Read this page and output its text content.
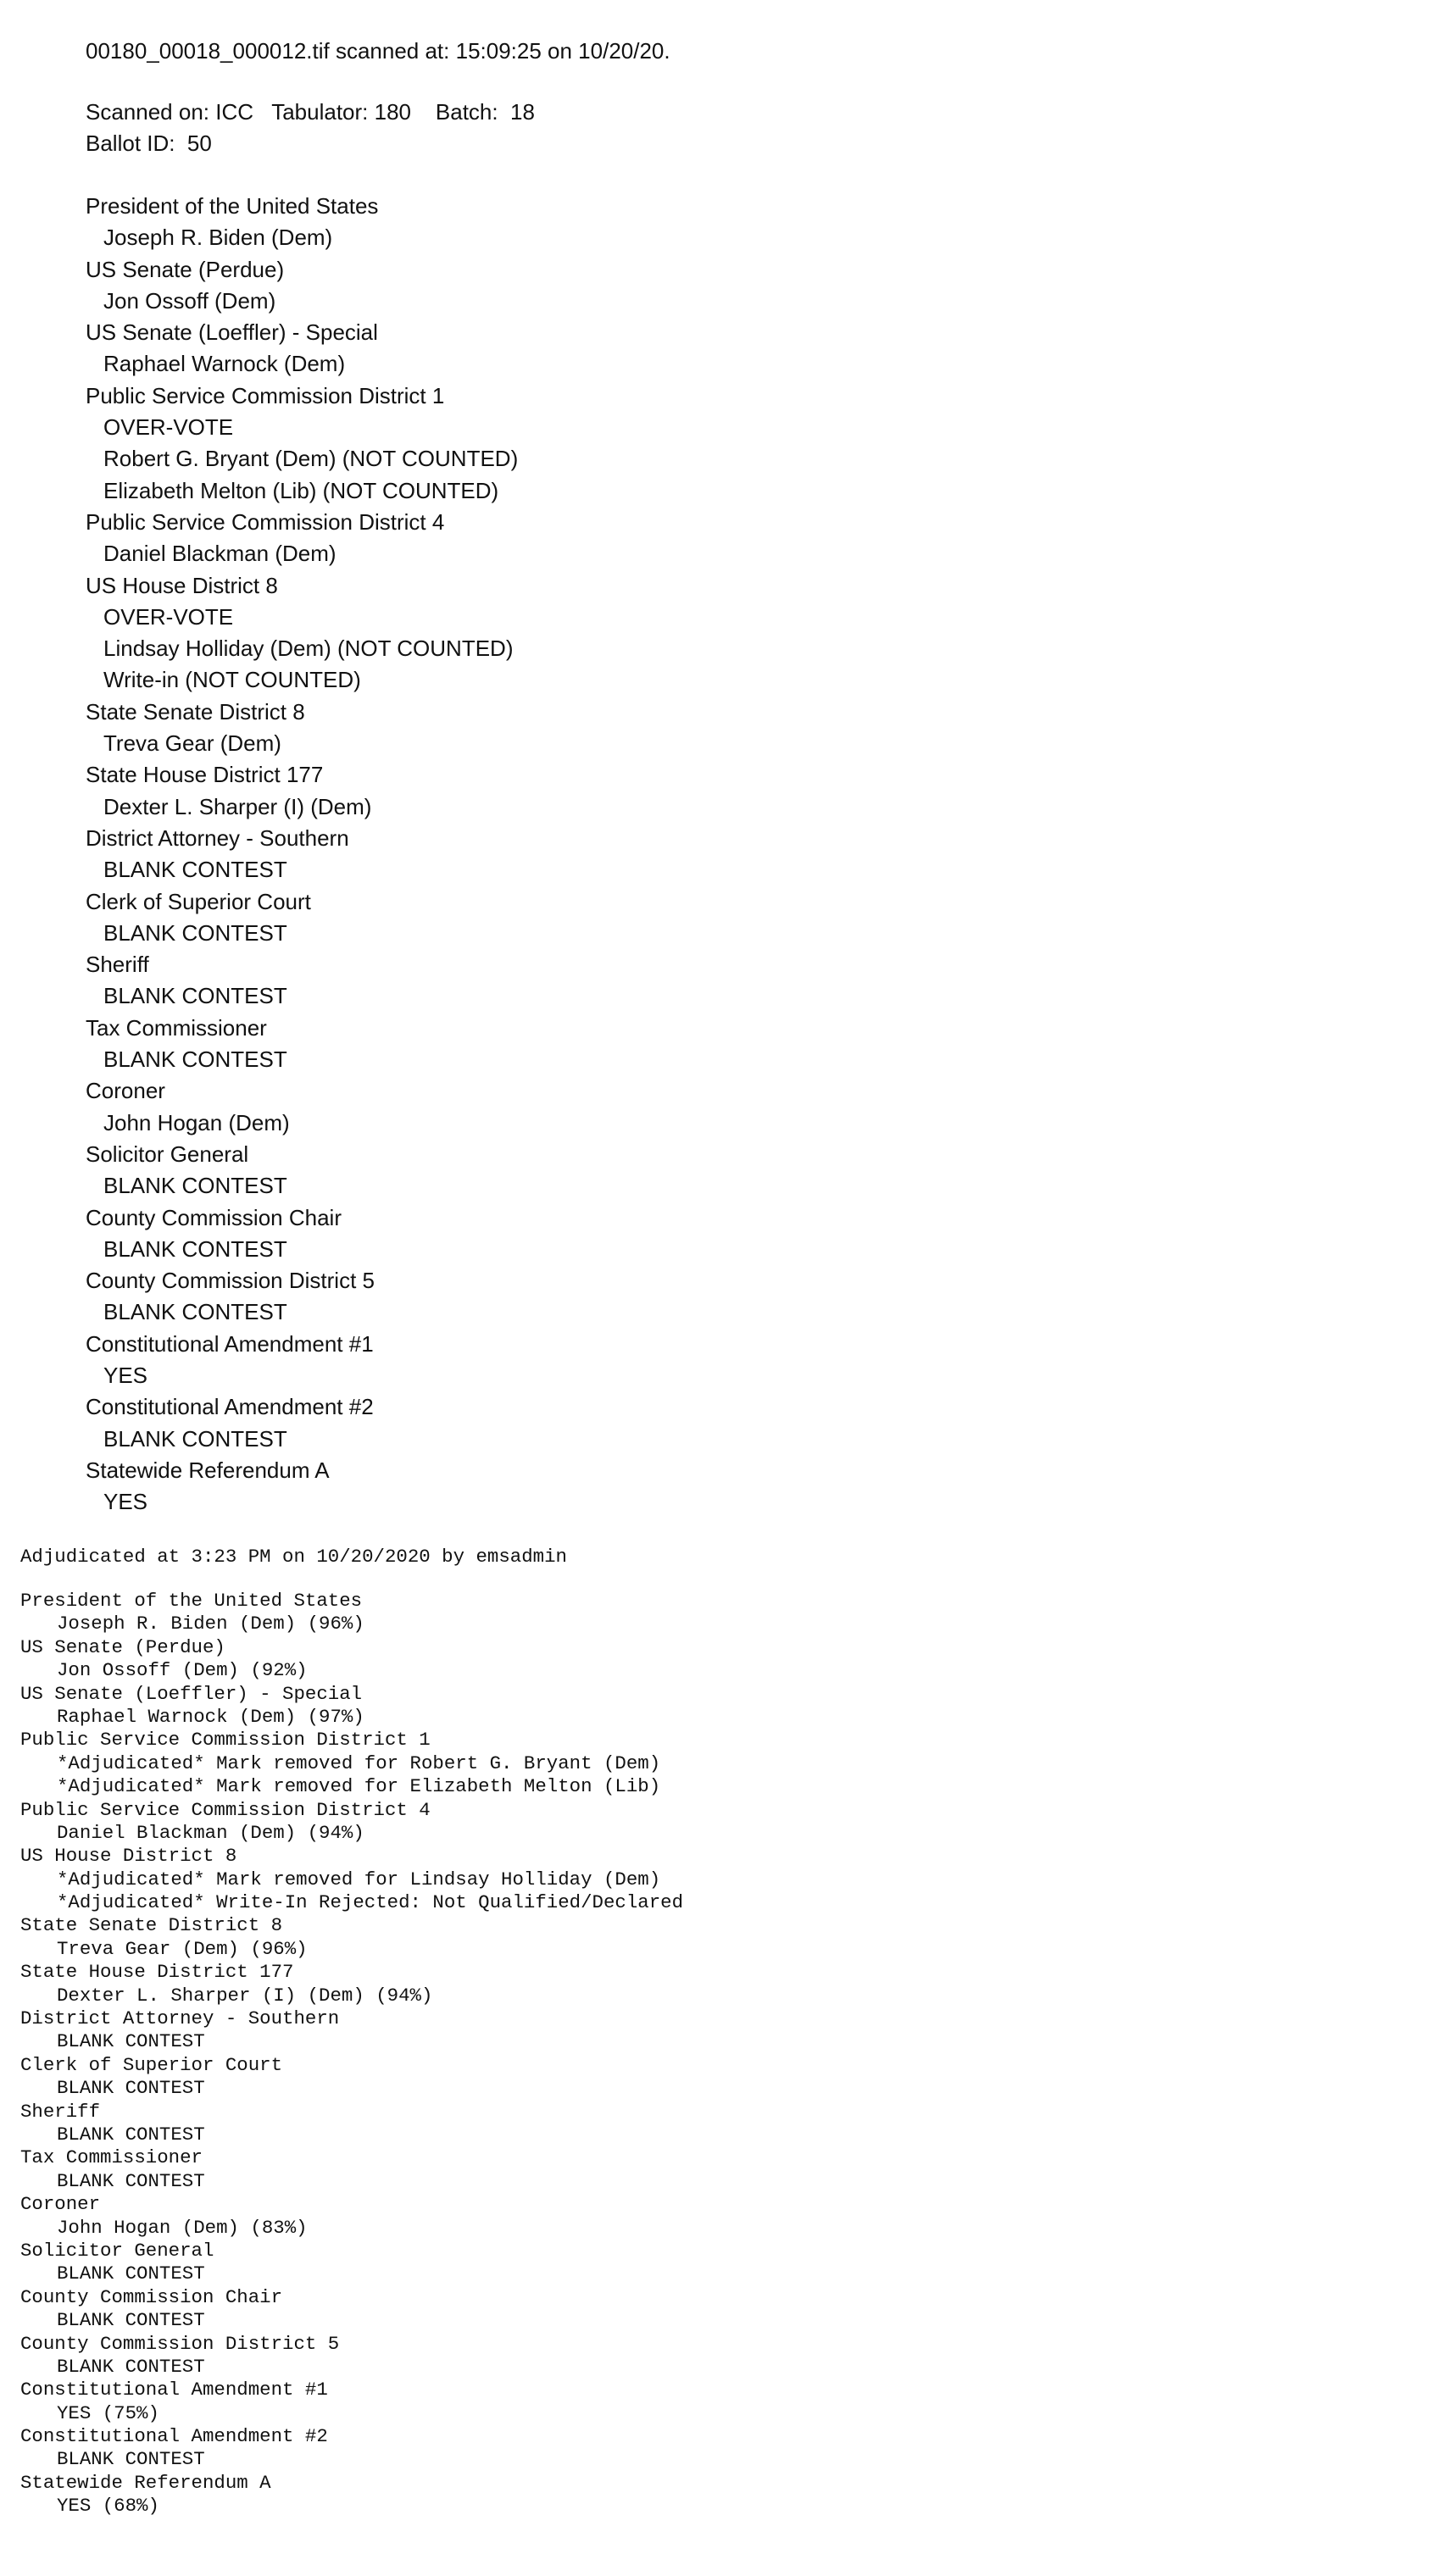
00180_00018_000012.tif scanned at: 15:09:25 on 10/20/20.
Scanned on: ICC   Tabulator: 180    Batch:  18
Ballot ID:  50
President of the United States
Joseph R. Biden (Dem)
US Senate (Perdue)
Jon Ossoff (Dem)
US Senate (Loeffler) - Special
Raphael Warnock (Dem)
Public Service Commission District 1
OVER-VOTE
Robert G. Bryant (Dem) (NOT COUNTED)
Elizabeth Melton (Lib) (NOT COUNTED)
Public Service Commission District 4
Daniel Blackman (Dem)
US House District 8
OVER-VOTE
Lindsay Holliday (Dem) (NOT COUNTED)
Write-in (NOT COUNTED)
State Senate District 8
Treva Gear (Dem)
State House District 177
Dexter L. Sharper (I) (Dem)
District Attorney - Southern
BLANK CONTEST
Clerk of Superior Court
BLANK CONTEST
Sheriff
BLANK CONTEST
Tax Commissioner
BLANK CONTEST
Coroner
John Hogan (Dem)
Solicitor General
BLANK CONTEST
County Commission Chair
BLANK CONTEST
County Commission District 5
BLANK CONTEST
Constitutional Amendment #1
YES
Constitutional Amendment #2
BLANK CONTEST
Statewide Referendum A
YES
Adjudicated at 3:23 PM on 10/20/2020 by emsadmin
President of the United States
Joseph R. Biden (Dem) (96%)
US Senate (Perdue)
Jon Ossoff (Dem) (92%)
US Senate (Loeffler) - Special
Raphael Warnock (Dem) (97%)
Public Service Commission District 1
*Adjudicated* Mark removed for Robert G. Bryant (Dem)
*Adjudicated* Mark removed for Elizabeth Melton (Lib)
Public Service Commission District 4
Daniel Blackman (Dem) (94%)
US House District 8
*Adjudicated* Mark removed for Lindsay Holliday (Dem)
*Adjudicated* Write-In Rejected: Not Qualified/Declared
State Senate District 8
Treva Gear (Dem) (96%)
State House District 177
Dexter L. Sharper (I) (Dem) (94%)
District Attorney - Southern
BLANK CONTEST
Clerk of Superior Court
BLANK CONTEST
Sheriff
BLANK CONTEST
Tax Commissioner
BLANK CONTEST
Coroner
John Hogan (Dem) (83%)
Solicitor General
BLANK CONTEST
County Commission Chair
BLANK CONTEST
County Commission District 5
BLANK CONTEST
Constitutional Amendment #1
YES (75%)
Constitutional Amendment #2
BLANK CONTEST
Statewide Referendum A
YES (68%)
